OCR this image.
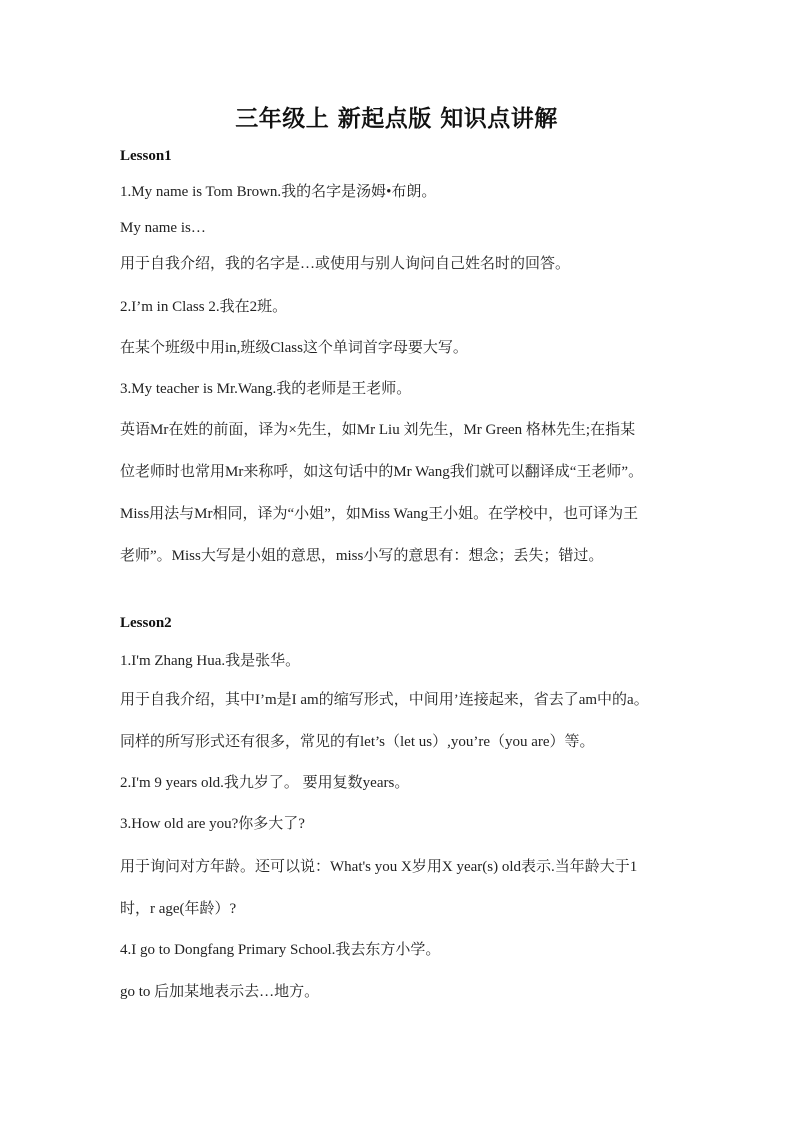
三年级上 新起点版 知识点讲解
Lesson1
1.My name is Tom Brown.我的名字是汤姆•布朗。
My name is…
用于自我介绍，我的名字是…或使用与别人询问自己姓名时的回答。
2.I’m in Class 2.我在2班。
在某个班级中用in,班级Class这个单词首字母要大写。
3.My teacher is Mr.Wang.我的老师是王老师。
英语Mr在姓的前面，译为×先生，如Mr Liu 刘先生，Mr Green 格林先生;在指某
位老师时也常用Mr来称呼，如这句话中的Mr Wang我们就可以翻译成“王老师”。
Miss用法与Mr相同，译为“小姐”，如Miss Wang王小姐。在学校中，也可译为王
老师”。Miss大写是小姐的意思，miss小写的意思有：想念；丢失；错过。
Lesson2
1.I'm Zhang Hua.我是张华。
用于自我介绍，其中I’m是I am的缩写形式，中间用’连接起来，省去了am中的a。
同样的所写形式还有很多，常见的有let’s（let us）,you’re（you are）等。
2.I'm 9 years old.我九岁了。 要用复数years。
3.How old are you?你多大了?
用于询问对方年龄。还可以说：What's you X岁用X year(s) old表示.当年龄大于1
时，r age(年龄）?
4.I go to Dongfang Primary School.我去东方小学。
go to 后加某地表示去…地方。
